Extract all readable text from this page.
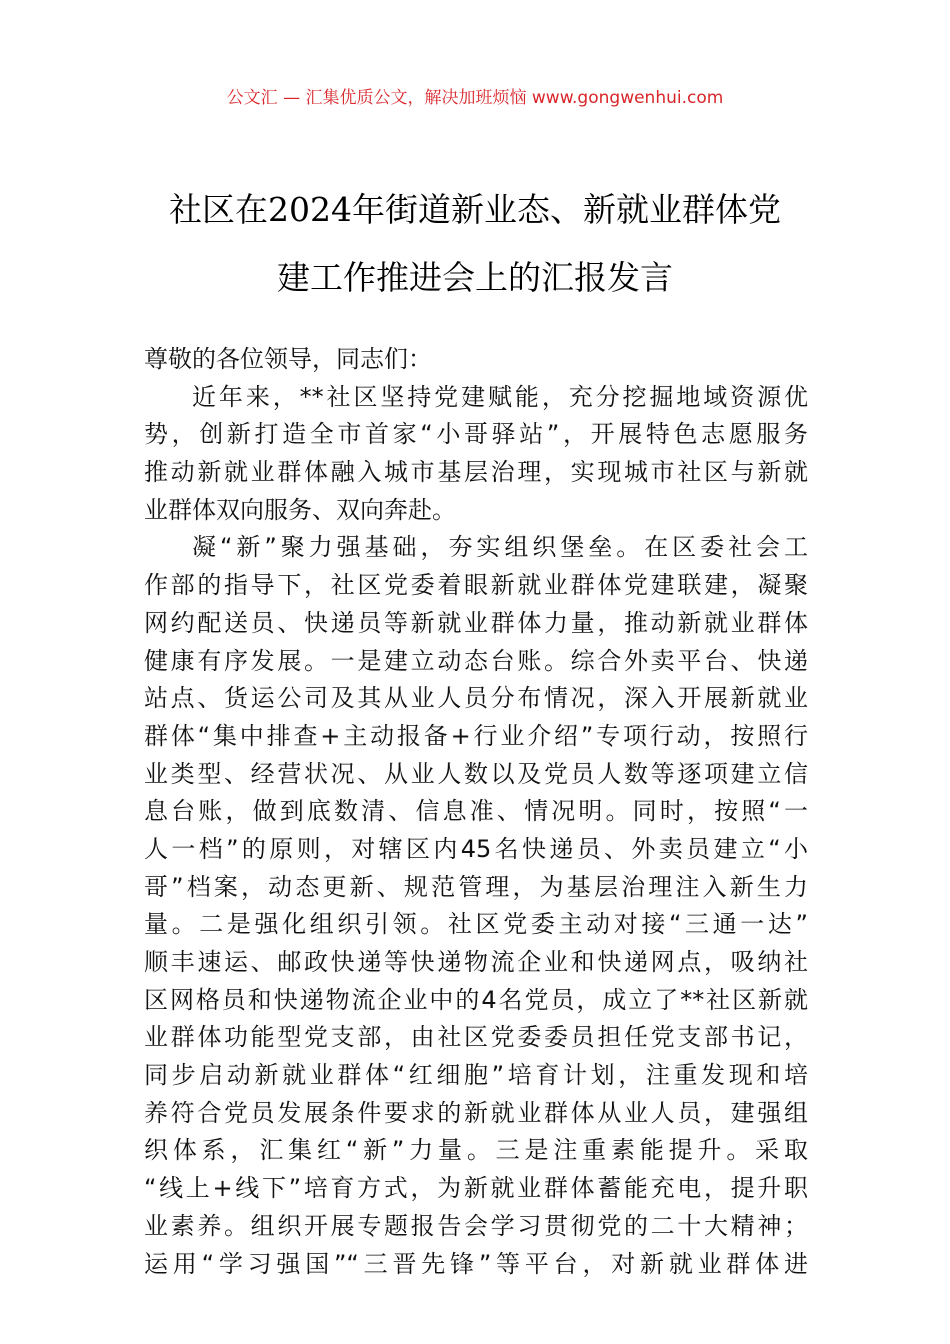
公文汇 — 汇集优质公文，解决加班烦恼 www.gongwenhui.com
社区在2024年街道新业态、新就业群体党
建工作推进会上的汇报发言
尊敬的各位领导，同志们：
近年来，**社区坚持党建赋能，充分挖掘地域资源优
势，创新打造全市首家“小哥驿站”，开展特色志愿服务
推动新就业群体融入城市基层治理，实现城市社区与新就
业群体双向服务、双向奔赴。
凝“新”聚力强基础，夯实组织堡垒。在区委社会工
作部的指导下，社区党委着眼新就业群体党建联建，凝聚
网约配送员、快递员等新就业群体力量，推动新就业群体
健康有序发展。一是建立动态台账。综合外卖平台、快递
站点、货运公司及其从业人员分布情况，深入开展新就业
群体“集中排查+主动报备+行业介绍”专项行动，按照行
业类型、经营状况、从业人数以及党员人数等逐项建立信
息台账，做到底数清、信息准、情况明。同时，按照“一
人一档”的原则，对辖区内45名快递员、外卖员建立“小
哥”档案，动态更新、规范管理，为基层治理注入新生力
量。二是强化组织引领。社区党委主动对接“三通一达”
顺丰速运、邮政快递等快递物流企业和快递网点，吸纳社
区网格员和快递物流企业中的4名党员，成立了**社区新就
业群体功能型党支部，由社区党委委员担任党支部书记，
同步启动新就业群体“红细胞”培育计划，注重发现和培
养符合党员发展条件要求的新就业群体从业人员，建强组
织体系，汇集红“新”力量。三是注重素能提升。采取
“线上+线下”培育方式，为新就业群体蓄能充电，提升职
业素养。组织开展专题报告会学习贯彻党的二十大精神；
运用“学习强国”“三晋先锋”等平台，对新就业群体进
